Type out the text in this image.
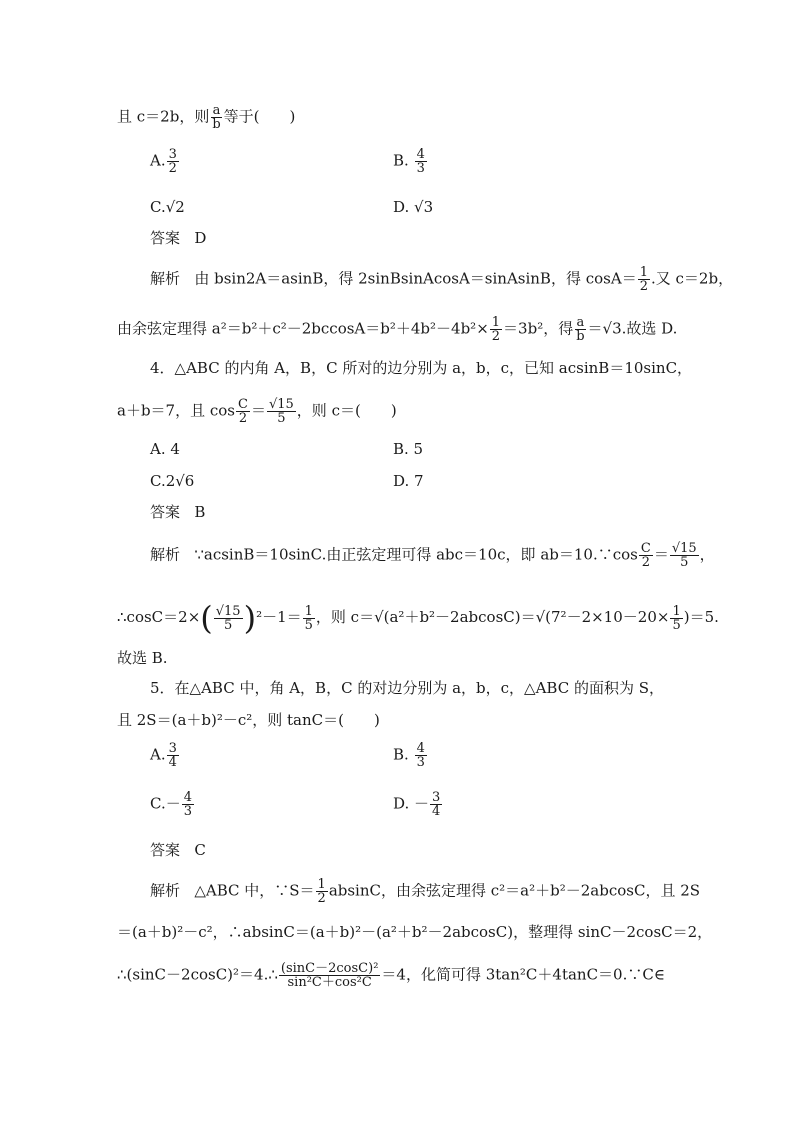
且 c＝2b，则 $\frac{a}{b}$ 等于(　　)
A. $\frac{3}{2}$	B. $\frac{4}{3}$
C.√2	D. √3
答案 D
解析 由 bsin2A＝asinB，得 2sinBsinAcosA＝sinAsinB，得 $\cos A= \frac{1}{2}$ .又 c＝2b，
由余弦定理得 $a^2=b^2+c^2-2bccosA=b^2+4b^2-4b^2\times \frac{1}{2} =3b^2$，得 $\frac{a}{b} =√3$.故选 D.
4．△ABC 的内角 A，B，C 所对的边分别为 a，b，c，已知 acsinB＝10sinC，
a＋b＝7，且 $\cos \frac{C}{2} = \frac{√15}{5}$ ，则 c＝(　　)
A. 4	B. 5
C.2√6	D. 7
答案 B
解析 ∵acsinB＝10sinC.由正弦定理可得 abc＝10c，即 ab＝10.∵cos $\frac{C}{2} = \frac{√15}{5}$ ，
∴cosC＝2×( $\frac{√15}{5} )^2-1= \frac{1}{5}$ ，则 $c=√(a^2+b^2-2abcosC)=√(7^2-2\times 10-20\times \frac{1}{5} )=5$.
故选 B.
5．在△ABC 中，角 A，B，C 的对边分别为 a，b，c，△ABC 的面积为 S，
且 2S＝(a＋b)²－c²，则 tanC＝(　　)
A. $\frac{3}{4}$	B. $\frac{4}{3}$
$C.- \frac{4}{3}$	D. － $\frac{3}{4}$
答案 C
解析 △ABC 中，∵S＝ $\frac{1}{2}$ absinC，由余弦定理得 c²＝a²＋b²－2abcosC，且 2S
＝(a＋b)²－c²，∴absinC＝(a＋b)²－(a²＋b²－2abcosC)，整理得 sinC－2cosC＝2，
∴(sinC－2cosC)²＝4.∴ $\frac{\text{(sinC－2cosC)²}}{\text{sin²C＋cos²C}} =4$，化简可得 3tan²C＋4tanC＝0.∵C∈
